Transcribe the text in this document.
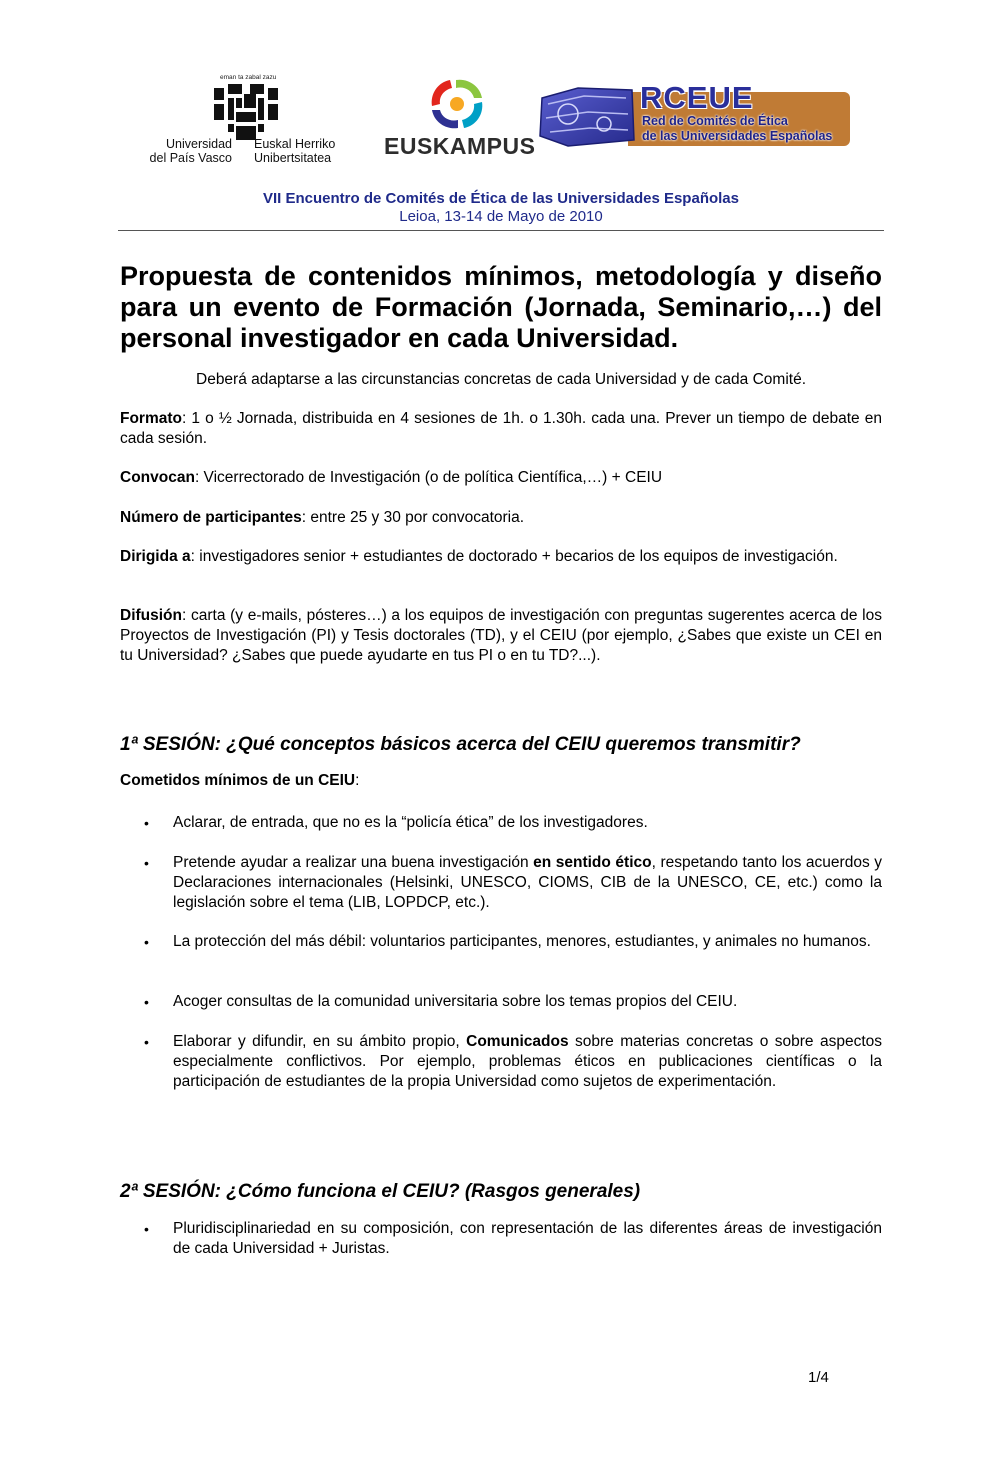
eman ta zabal zazu
Universidad
del País Vasco
Euskal Herriko
Unibertsitatea EUSKAMPUS
RCEUE
Red de Comités de Ética
de las Universidades Españolas
VII Encuentro de Comités de Ética de las Universidades Españolas
Leioa, 13-14 de Mayo de 2010
Propuesta de contenidos mínimos, metodología y diseño para un evento de Formación (Jornada, Seminario,…) del personal investigador en cada Universidad.

Deberá adaptarse a las circunstancias concretas de cada Universidad y de cada Comité.

Formato: 1 o ½ Jornada, distribuida en 4 sesiones de 1h. o 1.30h. cada una. Prever un tiempo de debate en cada sesión.

Convocan: Vicerrectorado de Investigación (o de política Científica,…) + CEIU

Número de participantes: entre 25 y 30 por convocatoria.

Dirigida a: investigadores senior + estudiantes de doctorado + becarios de los equipos de investigación.

Difusión: carta (y e-mails, pósteres…) a los equipos de investigación con preguntas sugerentes acerca de los Proyectos de Investigación (PI) y Tesis doctorales (TD), y el CEIU (por ejemplo, ¿Sabes que existe un CEI en tu Universidad? ¿Sabes que puede ayudarte en tus PI o en tu TD?...).

1ª SESIÓN: ¿Qué conceptos básicos acerca del CEIU queremos transmitir?

Cometidos mínimos de un CEIU:

• Aclarar, de entrada, que no es la “policía ética” de los investigadores.
• Pretende ayudar a realizar una buena investigación en sentido ético, respetando tanto los acuerdos y Declaraciones internacionales (Helsinki, UNESCO, CIOMS, CIB de la UNESCO, CE, etc.) como la legislación sobre el tema (LIB, LOPDCP, etc.).
• La protección del más débil: voluntarios participantes, menores, estudiantes, y animales no humanos.
• Acoger consultas de la comunidad universitaria sobre los temas propios del CEIU.
• Elaborar y difundir, en su ámbito propio, Comunicados sobre materias concretas o sobre aspectos especialmente conflictivos. Por ejemplo, problemas éticos en publicaciones científicas o la participación de estudiantes de la propia Universidad como sujetos de experimentación.
2ª SESIÓN: ¿Cómo funciona el CEIU? (Rasgos generales)
• Pluridisciplinariedad en su composición, con representación de las diferentes áreas de investigación de cada Universidad + Juristas.
1/4
